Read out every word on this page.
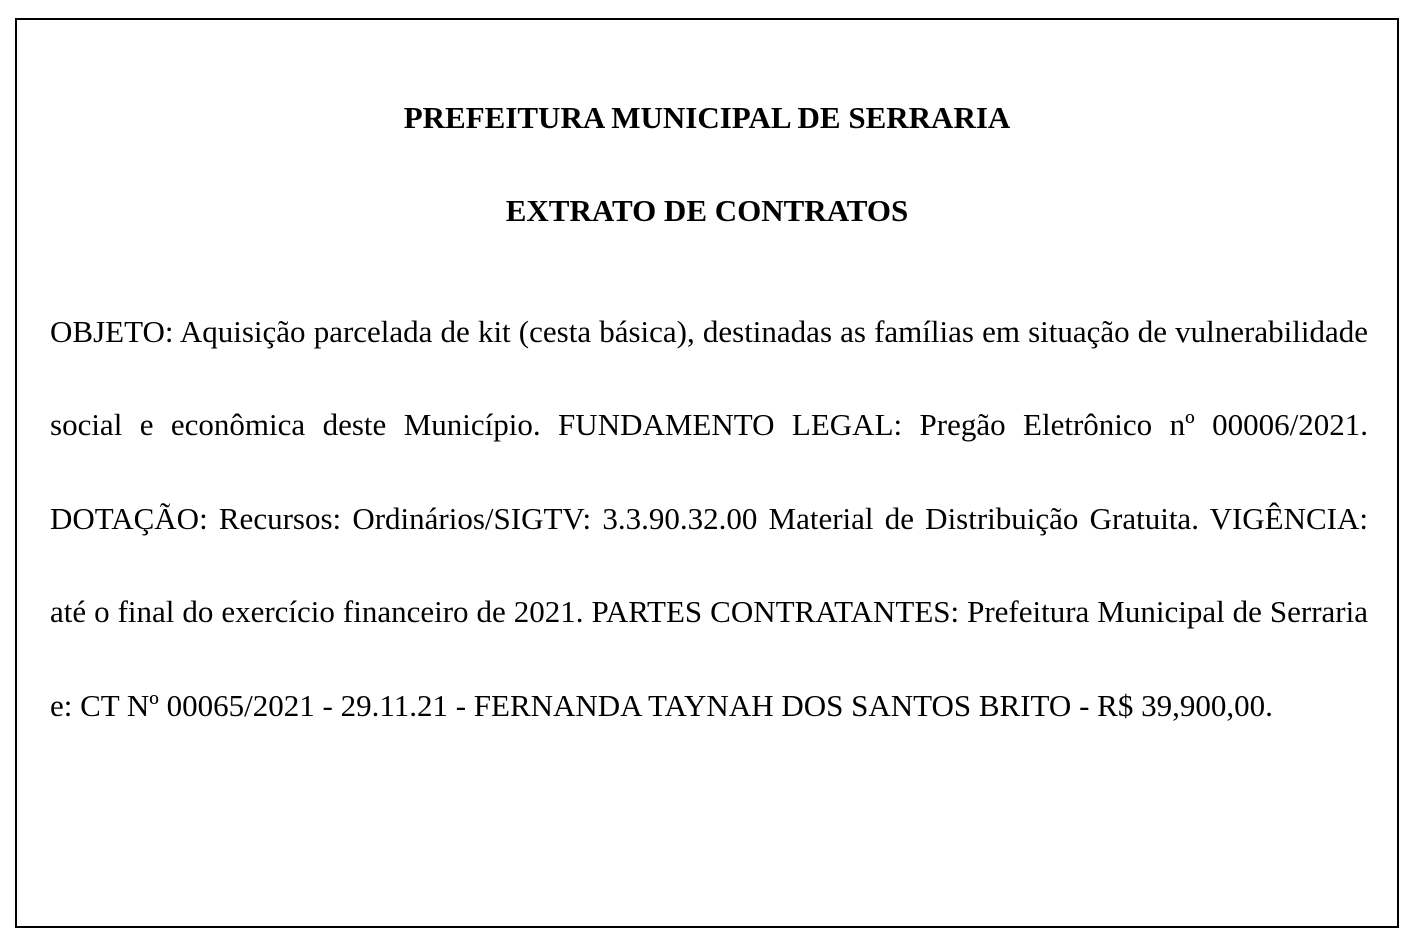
PREFEITURA MUNICIPAL DE SERRARIA
EXTRATO DE CONTRATOS

OBJETO: Aquisição parcelada de kit (cesta básica), destinadas as famílias em situação de vulnerabilidade social e econômica deste Município. FUNDAMENTO LEGAL: Pregão Eletrônico nº 00006/2021. DOTAÇÃO: Recursos: Ordinários/SIGTV: 3.3.90.32.00 Material de Distribuição Gratuita. VIGÊNCIA: até o final do exercício financeiro de 2021. PARTES CONTRATANTES: Prefeitura Municipal de Serraria e: CT Nº 00065/2021 - 29.11.21 - FERNANDA TAYNAH DOS SANTOS BRITO - R$ 39,900,00.
